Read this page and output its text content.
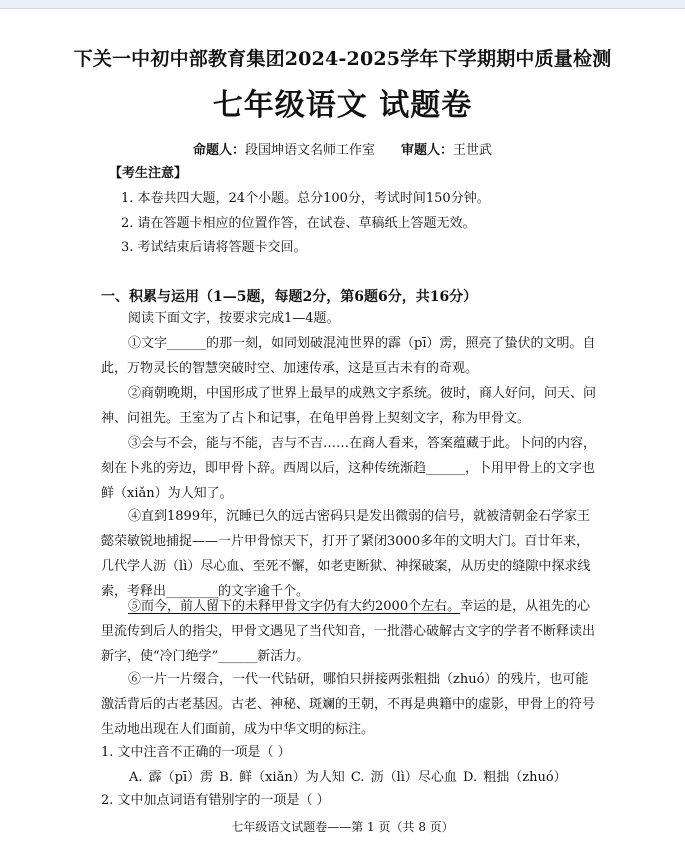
下关一中初中部教育集团2024-2025学年下学期期中质量检测
七年级语文 试题卷
命题人：段国坤语文名师工作室 审题人：王世武
【考生注意】
1. 本卷共四大题，24个小题。总分100分，考试时间150分钟。
2. 请在答题卡相应的位置作答，在试卷、草稿纸上答题无效。
3. 考试结束后请将答题卡交回。
一、积累与运用（1—5题，每题2分，第6题6分，共16分）
阅读下面文字，按要求完成1—4题。
①文字______的那一刻，如同划破混沌世界的霹（pī）雳，照亮了蛰伏的文明。自此，万物灵长的智慧突破时空、加速传承，这是亘古未有的奇观。
②商朝晚期，中国形成了世界上最早的成熟文字系统。彼时，商人好问，问天、问神、问祖先。王室为了占卜和记事，在龟甲兽骨上契刻文字，称为甲骨文。
③会与不会，能与不能，吉与不吉……在商人看来，答案蕴藏于此。卜问的内容，刻在卜兆的旁边，即甲骨卜辞。西周以后，这种传统渐趋______，卜用甲骨上的文字也鲜（xiǎn）为人知了。
④直到1899年，沉睡已久的远古密码只是发出微弱的信号，就被清朝金石学家王懿荣敏锐地捕捉——一片甲骨惊天下，打开了紧闭3000多年的文明大门。百廿年来，几代学人沥（lì）尽心血、至死不懈，如老吏断狱、神探破案，从历史的缝隙中探求线索，考释出________的文字逾千个。
⑤而今，前人留下的未释甲骨文字仍有大约2000个左右。幸运的是，从祖先的心里流传到后人的指尖，甲骨文遇见了当代知音，一批潜心破解古文字的学者不断释读出新字，使“冷门绝学”______新活力。
⑥一片一片缀合，一代一代钻研，哪怕只拼接两张粗拙（zhuó）的残片，也可能激活背后的古老基因。古老、神秘、斑斓的王朝，不再是典籍中的虚影，甲骨上的符号生动地出现在人们面前，成为中华文明的标注。
1. 文中注音不正确的一项是（ ）
A. 霹（pī）雳 B. 鲜（xiǎn）为人知 C. 沥（lì）尽心血 D. 粗拙（zhuó）
2. 文中加点词语有错别字的一项是（ ）
七年级语文试题卷——第 1 页（共 8 页）
